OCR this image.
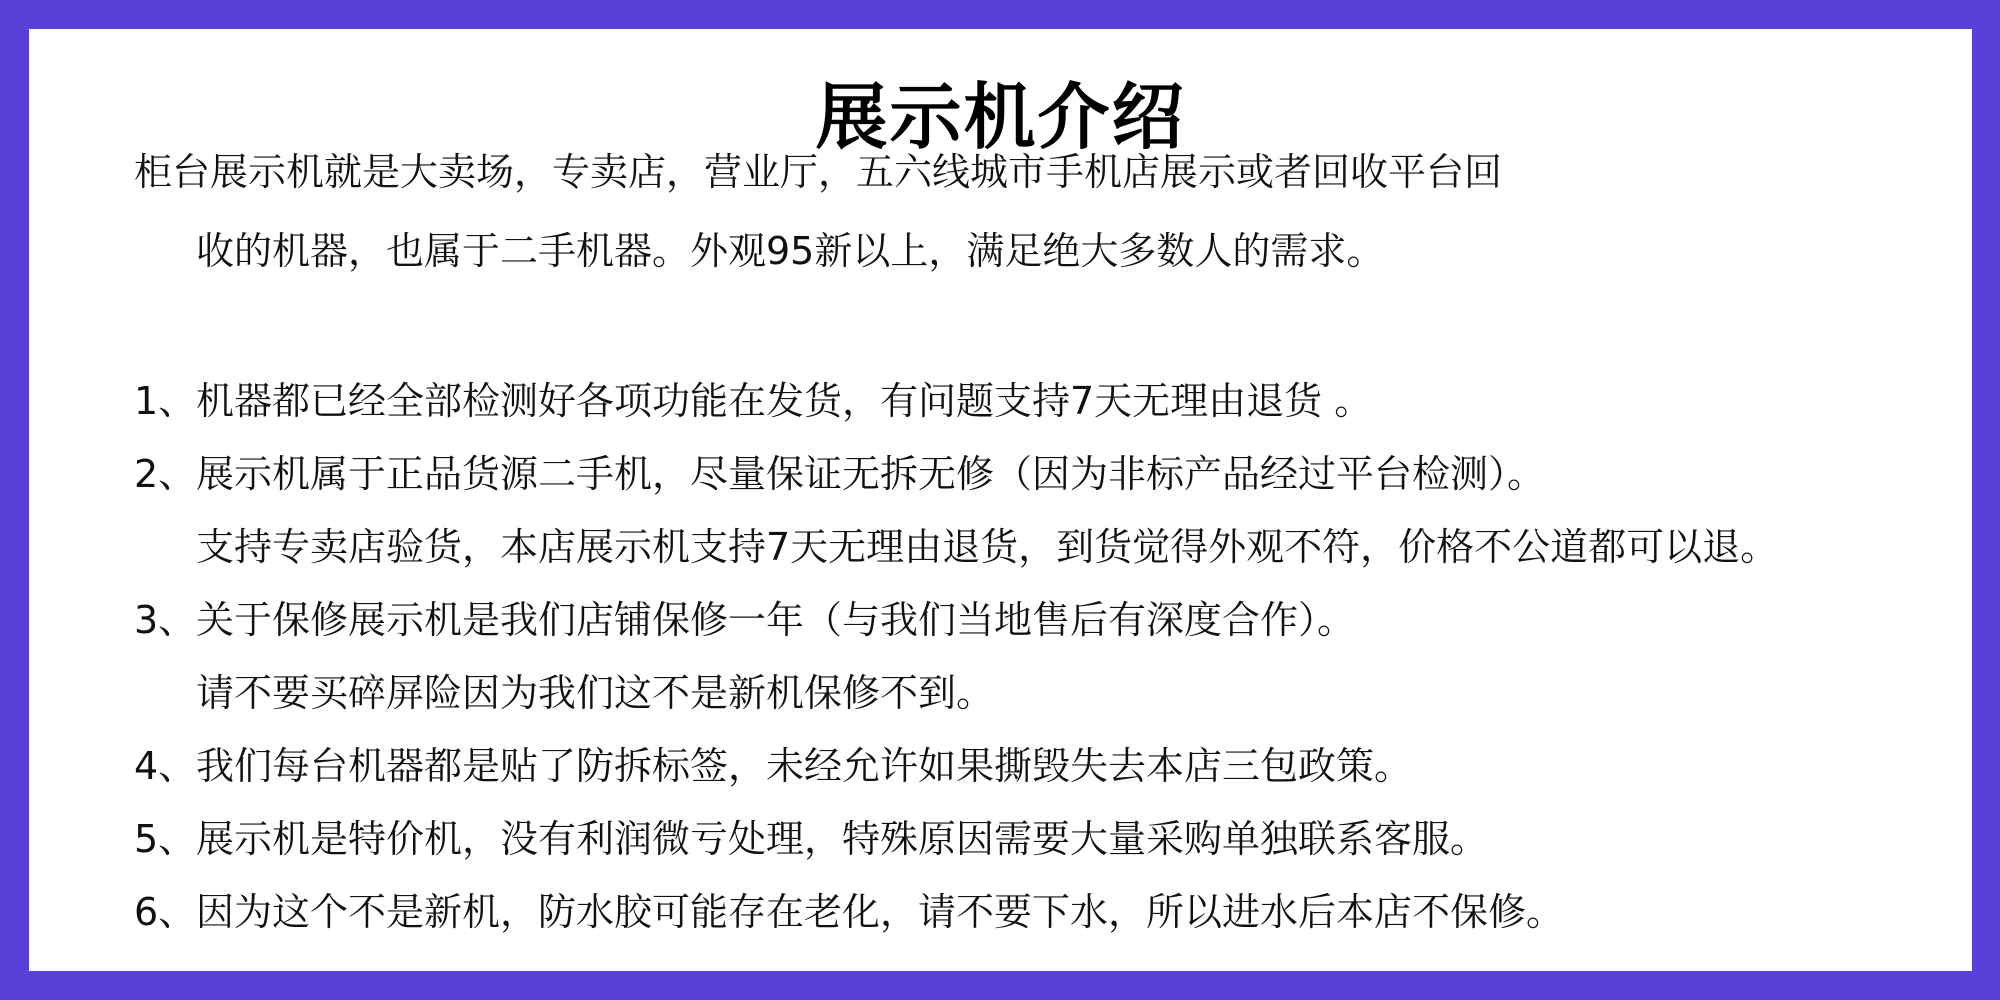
展示机介绍

柜台展示机就是大卖场，专卖店，营业厅，五六线城市手机店展示或者回收平台回

收的机器，也属于二手机器。外观95新以上，满足绝大多数人的需求。

1、机器都已经全部检测好各项功能在发货，有问题支持7天无理由退货 。

2、展示机属于正品货源二手机，尽量保证无拆无修（因为非标产品经过平台检测）。

支持专卖店验货，本店展示机支持7天无理由退货，到货觉得外观不符，价格不公道都可以退。

3、关于保修展示机是我们店铺保修一年（与我们当地售后有深度合作）。

请不要买碎屏险因为我们这不是新机保修不到。

4、我们每台机器都是贴了防拆标签，未经允许如果撕毁失去本店三包政策。

5、展示机是特价机，没有利润微亏处理，特殊原因需要大量采购单独联系客服。

6、因为这个不是新机，防水胶可能存在老化，请不要下水，所以进水后本店不保修。
